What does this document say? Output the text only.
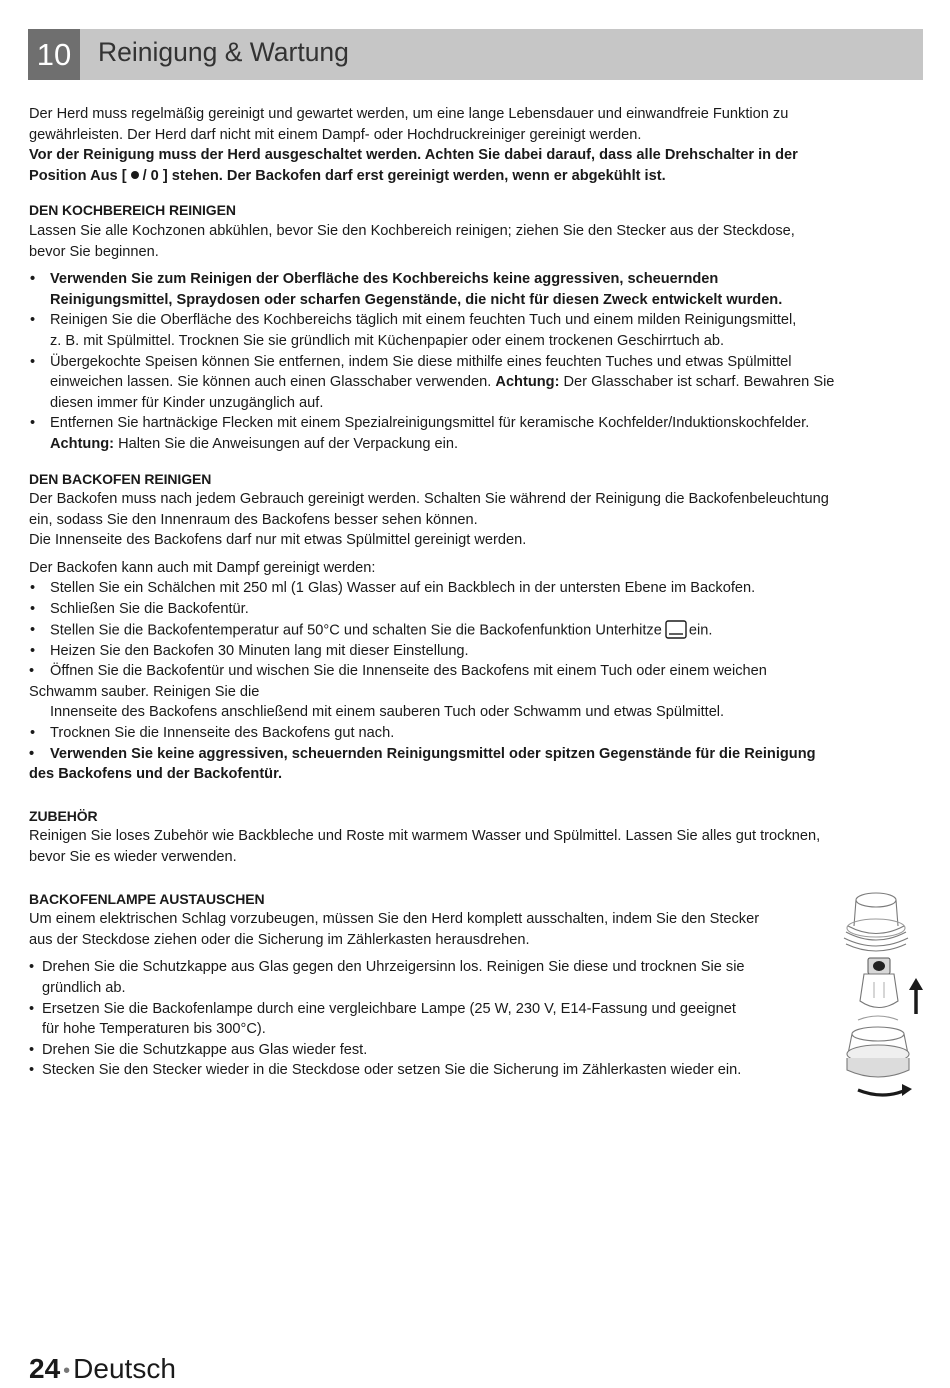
10	Reinigung & Wartung

Der Herd muss regelmäßig gereinigt und gewartet werden, um eine lange Lebensdauer und einwandfreie Funktion zu

gewährleisten. Der Herd darf nicht mit einem Dampf- oder Hochdruckreiniger gereinigt werden.

Vor der Reinigung muss der Herd ausgeschaltet werden. Achten Sie dabei darauf, dass alle Drehschalter in der

Position Aus [ / 0 ] stehen. Der Backofen darf erst gereinigt werden, wenn er abgekühlt ist.

DEN KOCHBEREICH REINIGEN

Lassen Sie alle Kochzonen abkühlen, bevor Sie den Kochbereich reinigen; ziehen Sie den Stecker aus der Steckdose,

bevor Sie beginnen.

• Verwenden Sie zum Reinigen der Oberfläche des Kochbereichs keine aggressiven, scheuernden
Reinigungsmittel, Spraydosen oder scharfen Gegenstände, die nicht für diesen Zweck entwickelt wurden.
• Reinigen Sie die Oberfläche des Kochbereichs täglich mit einem feuchten Tuch und einem milden Reinigungsmittel,
z. B. mit Spülmittel. Trocknen Sie sie gründlich mit Küchenpapier oder einem trockenen Geschirrtuch ab.
• Übergekochte Speisen können Sie entfernen, indem Sie diese mithilfe eines feuchten Tuches und etwas Spülmittel
einweichen lassen. Sie können auch einen Glasschaber verwenden. Achtung: Der Glasschaber ist scharf. Bewahren Sie
diesen immer für Kinder unzugänglich auf.
• Entfernen Sie hartnäckige Flecken mit einem Spezialreinigungsmittel für keramische Kochfelder/Induktionskochfelder.
Achtung: Halten Sie die Anweisungen auf der Verpackung ein.

DEN BACKOFEN REINIGEN

Der Backofen muss nach jedem Gebrauch gereinigt werden. Schalten Sie während der Reinigung die Backofenbeleuchtung

ein, sodass Sie den Innenraum des Backofens besser sehen können.

Die Innenseite des Backofens darf nur mit etwas Spülmittel gereinigt werden.

Der Backofen kann auch mit Dampf gereinigt werden:

• Stellen Sie ein Schälchen mit 250 ml (1 Glas) Wasser auf ein Backblech in der untersten Ebene im Backofen.

• Schließen Sie die Backofentür.

• Stellen Sie die Backofentemperatur auf 50°C und schalten Sie die Backofenfunktion Unterhitze ein.

• Heizen Sie den Backofen 30 Minuten lang mit dieser Einstellung.

• Öffnen Sie die Backofentür und wischen Sie die Innenseite des Backofens mit einem Tuch oder einem weichen
Schwamm sauber. Reinigen Sie die

Innenseite des Backofens anschließend mit einem sauberen Tuch oder Schwamm und etwas Spülmittel.

• Trocknen Sie die Innenseite des Backofens gut nach.

• Verwenden Sie keine aggressiven, scheuernden Reinigungsmittel oder spitzen Gegenstände für die Reinigung
des Backofens und der Backofentür.

ZUBEHÖR

Reinigen Sie loses Zubehör wie Backbleche und Roste mit warmem Wasser und Spülmittel. Lassen Sie alles gut trocknen,

bevor Sie es wieder verwenden.

BACKOFENLAMPE AUSTAUSCHEN

Um einem elektrischen Schlag vorzubeugen, müssen Sie den Herd komplett ausschalten, indem Sie den Stecker

aus der Steckdose ziehen oder die Sicherung im Zählerkasten herausdrehen.

• Drehen Sie die Schutzkappe aus Glas gegen den Uhrzeigersinn los. Reinigen Sie diese und trocknen Sie sie
gründlich ab.
• Ersetzen Sie die Backofenlampe durch eine vergleichbare Lampe (25 W, 230 V, E14-Fassung und geeignet
für hohe Temperaturen bis 300°C).
• Drehen Sie die Schutzkappe aus Glas wieder fest.
• Stecken Sie den Stecker wieder in die Steckdose oder setzen Sie die Sicherung im Zählerkasten wieder ein.
24 • Deutsch
